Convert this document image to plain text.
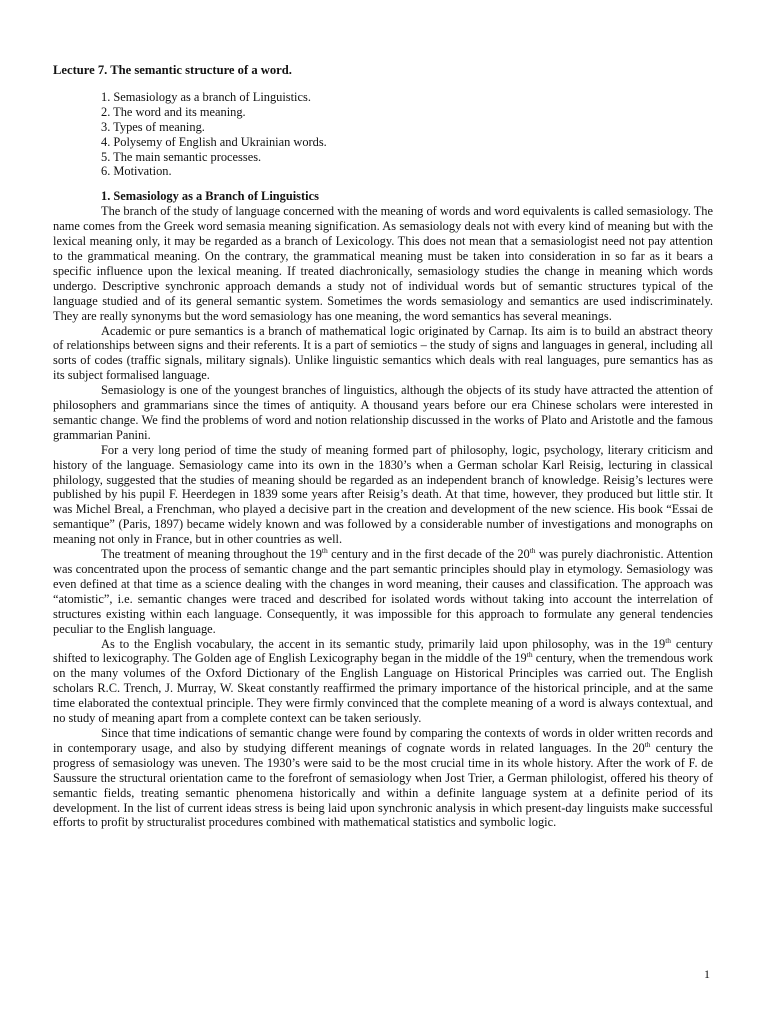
Lecture 7. The semantic structure of a word.
1. Semasiology as a branch of Linguistics.
2. The word and its meaning.
3. Types of meaning.
4. Polysemy of English and Ukrainian words.
5. The main semantic processes.
6. Motivation.
1. Semasiology as a Branch of Linguistics

The branch of the study of language concerned with the meaning of words and word equivalents is called semasiology. The name comes from the Greek word semasia meaning signification. As semasiology deals not with every kind of meaning but with the lexical meaning only, it may be regarded as a branch of Lexicology. This does not mean that a semasiologist need not pay attention to the grammatical meaning. On the contrary, the grammatical meaning must be taken into consideration in so far as it bears a specific influence upon the lexical meaning. If treated diachronically, semasiology studies the change in meaning which words undergo. Descriptive synchronic approach demands a study not of individual words but of semantic structures typical of the language studied and of its general semantic system. Sometimes the words semasiology and semantics are used indiscriminately. They are really synonyms but the word semasiology has one meaning, the word semantics has several meanings.

Academic or pure semantics is a branch of mathematical logic originated by Carnap. Its aim is to build an abstract theory of relationships between signs and their referents. It is a part of semiotics – the study of signs and languages in general, including all sorts of codes (traffic signals, military signals). Unlike linguistic semantics which deals with real languages, pure semantics has as its subject formalised language.

Semasiology is one of the youngest branches of linguistics, although the objects of its study have attracted the attention of philosophers and grammarians since the times of antiquity. A thousand years before our era Chinese scholars were interested in semantic change. We find the problems of word and notion relationship discussed in the works of Plato and Aristotle and the famous grammarian Panini.

For a very long period of time the study of meaning formed part of philosophy, logic, psychology, literary criticism and history of the language. Semasiology came into its own in the 1830’s when a German scholar Karl Reisig, lecturing in classical philology, suggested that the studies of meaning should be regarded as an independent branch of knowledge. Reisig’s lectures were published by his pupil F. Heerdegen in 1839 some years after Reisig’s death. At that time, however, they produced but little stir. It was Michel Breal, a Frenchman, who played a decisive part in the creation and development of the new science. His book “Essai de semantique” (Paris, 1897) became widely known and was followed by a considerable number of investigations and monographs on meaning not only in France, but in other countries as well.

The treatment of meaning throughout the 19th century and in the first decade of the 20th was purely diachronistic. Attention was concentrated upon the process of semantic change and the part semantic principles should play in etymology. Semasiology was even defined at that time as a science dealing with the changes in word meaning, their causes and classification. The approach was “atomistic”, i.e. semantic changes were traced and described for isolated words without taking into account the interrelation of structures existing within each language. Consequently, it was impossible for this approach to formulate any general tendencies peculiar to the English language.

As to the English vocabulary, the accent in its semantic study, primarily laid upon philosophy, was in the 19th century shifted to lexicography. The Golden age of English Lexicography began in the middle of the 19th century, when the tremendous work on the many volumes of the Oxford Dictionary of the English Language on Historical Principles was carried out. The English scholars R.C. Trench, J. Murray, W. Skeat constantly reaffirmed the primary importance of the historical principle, and at the same time elaborated the contextual principle. They were firmly convinced that the complete meaning of a word is always contextual, and no study of meaning apart from a complete context can be taken seriously.

Since that time indications of semantic change were found by comparing the contexts of words in older written records and in contemporary usage, and also by studying different meanings of cognate words in related languages. In the 20th century the progress of semasiology was uneven. The 1930’s were said to be the most crucial time in its whole history. After the work of F. de Saussure the structural orientation came to the forefront of semasiology when Jost Trier, a German philologist, offered his theory of semantic fields, treating semantic phenomena historically and within a definite language system at a definite period of its development. In the list of current ideas stress is being laid upon synchronic analysis in which present-day linguists make successful efforts to profit by structuralist procedures combined with mathematical statistics and symbolic logic.

1
